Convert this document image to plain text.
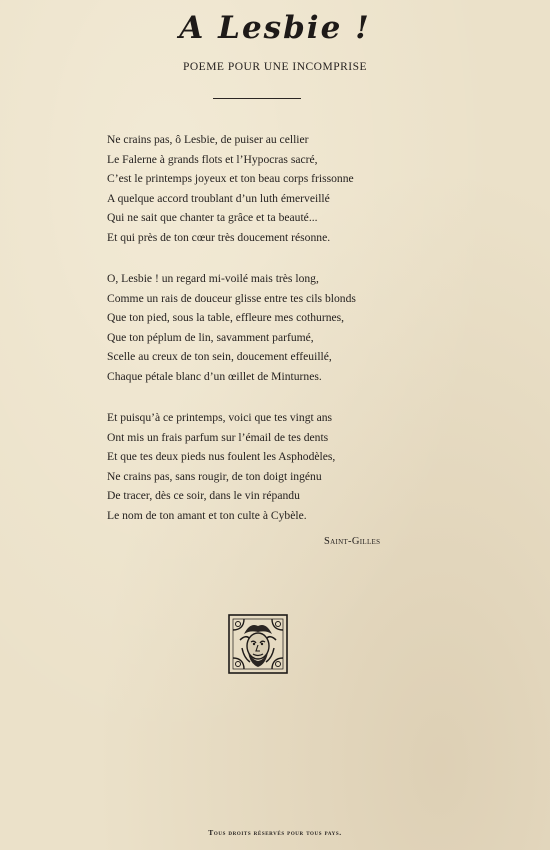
A Lesbie !
POEME POUR UNE INCOMPRISE
Ne crains pas, ô Lesbie, de puiser au cellier
Le Falerne à grands flots et l’Hypocras sacré,
C’est le printemps joyeux et ton beau corps frissonne
A quelque accord troublant d’un luth émerveillé
Qui ne sait que chanter ta grâce et ta beauté...
Et qui près de ton cœur très doucement résonne.
O, Lesbie ! un regard mi-voilé mais très long,
Comme un rais de douceur glisse entre tes cils blonds
Que ton pied, sous la table, effleure mes cothurnes,
Que ton péplum de lin, savamment parfumé,
Scelle au creux de ton sein, doucement effeuillé,
Chaque pétale blanc d’un œillet de Minturnes.
Et puisqu’à ce printemps, voici que tes vingt ans
Ont mis un frais parfum sur l’émail de tes dents
Et que tes deux pieds nus foulent les Asphodèles,
Ne crains pas, sans rougir, de ton doigt ingénu
De tracer, dès ce soir, dans le vin répandu
Le nom de ton amant et ton culte à Cybèle.
Saint-Gilles
Tous droits réservés pour tous pays.
